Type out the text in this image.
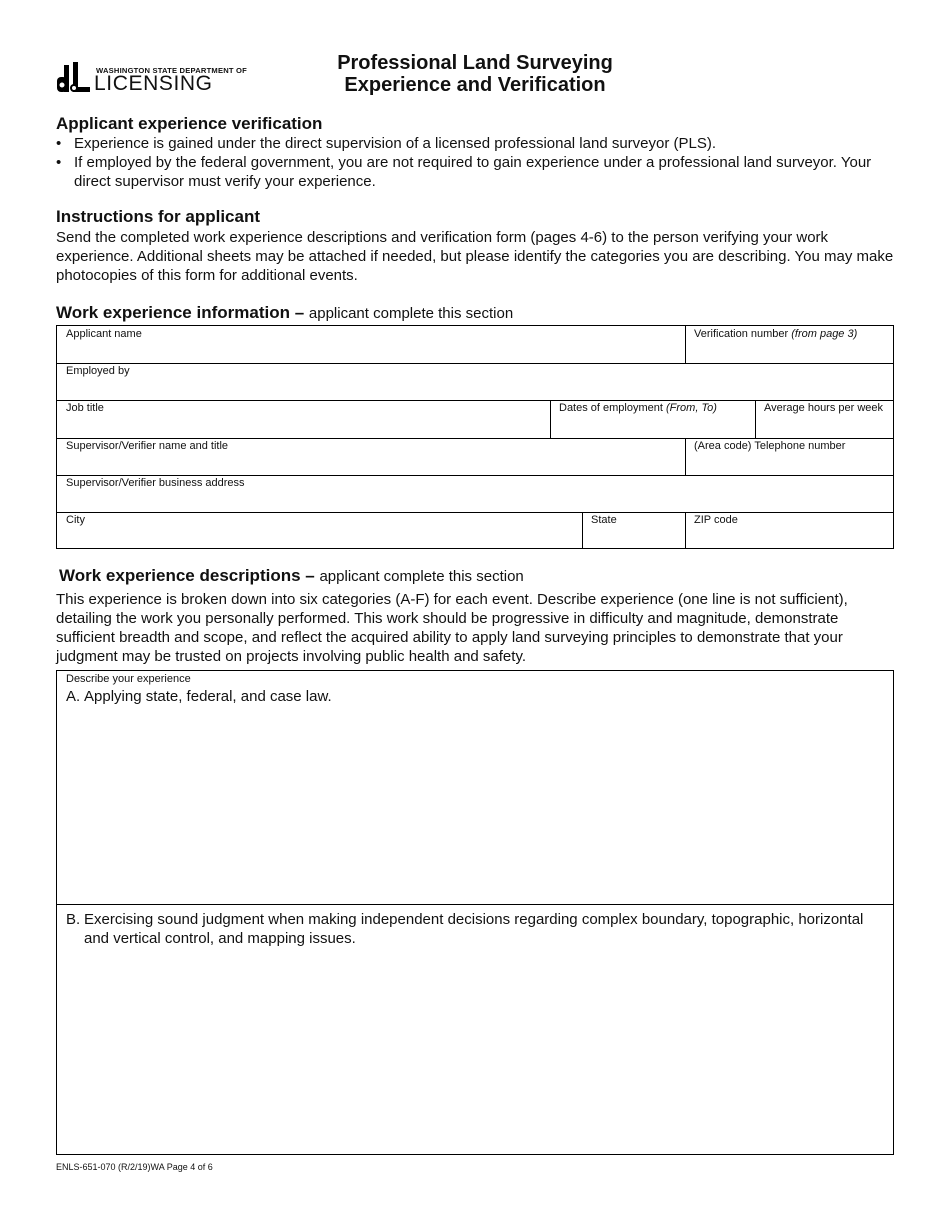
WASHINGTON STATE DEPARTMENT OF
LICENSING
Professional Land Surveying
Experience and Verification
Applicant experience verification
• Experience is gained under the direct supervision of a licensed professional land surveyor (PLS).
• If employed by the federal government, you are not required to gain experience under a professional land surveyor. Your direct supervisor must verify your experience.
Instructions for applicant
Send the completed work experience descriptions and verification form (pages 4-6) to the person verifying your work experience. Additional sheets may be attached if needed, but please identify the categories you are describing. You may make photocopies of this form for additional events.
Work experience information – applicant complete this section
Applicant name	Verification number (from page 3)
Employed by
Job title	Dates of employment (From, To)	Average hours per week
Supervisor/Verifier name and title	(Area code) Telephone number
Supervisor/Verifier business address
City	State	ZIP code
Work experience descriptions – applicant complete this section
This experience is broken down into six categories (A-F) for each event. Describe experience (one line is not sufficient), detailing the work you personally performed. This work should be progressive in difficulty and magnitude, demonstrate sufficient breadth and scope, and reflect the acquired ability to apply land surveying principles to demonstrate that your judgment may be trusted on projects involving public health and safety.
Describe your experience
A. Applying state, federal, and case law.
B. Exercising sound judgment when making independent decisions regarding complex boundary, topographic, horizontal and vertical control, and mapping issues.
ENLS-651-070 (R/2/19)WA Page 4 of 6
